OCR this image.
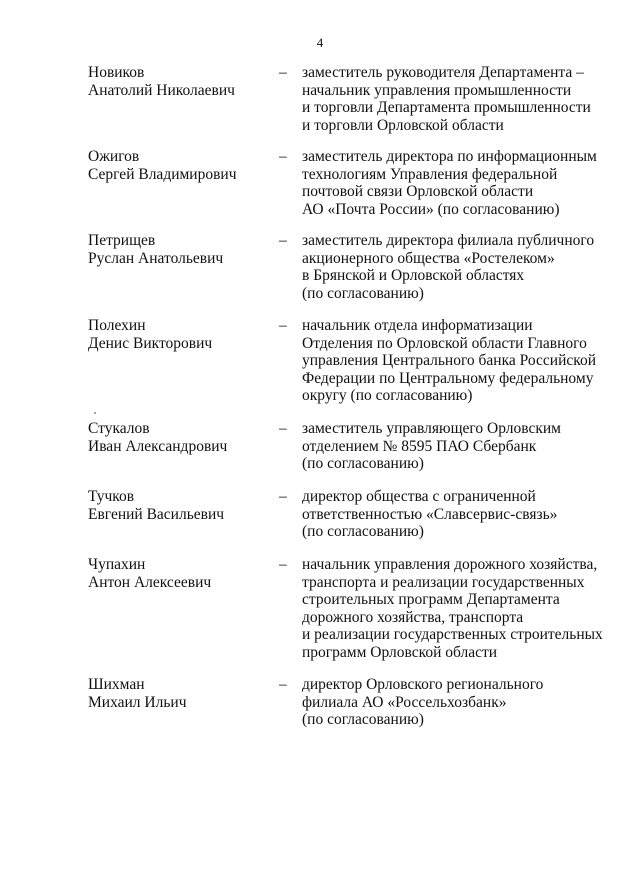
4
Новиков
Анатолий Николаевич
– заместитель руководителя Департамента –
начальник управления промышленности
и торговли Департамента промышленности
и торговли Орловской области
Ожигов
Сергей Владимирович
– заместитель директора по информационным
технологиям Управления федеральной
почтовой связи Орловской области
АО «Почта России» (по согласованию)
Петрищев
Руслан Анатольевич
– заместитель директора филиала публичного
акционерного общества «Ростелеком»
в Брянской и Орловской областях
(по согласованию)
Полехин
Денис Викторович
– начальник отдела информатизации
Отделения по Орловской области Главного
управления Центрального банка Российской
Федерации по Центральному федеральному
округу (по согласованию)
Стукалов
Иван Александрович
– заместитель управляющего Орловским
отделением № 8595 ПАО Сбербанк
(по согласованию)
Тучков
Евгений Васильевич
– директор общества с ограниченной
ответственностью «Славсервис-связь»
(по согласованию)
Чупахин
Антон Алексеевич
– начальник управления дорожного хозяйства,
транспорта и реализации государственных
строительных программ Департамента
дорожного хозяйства, транспорта
и реализации государственных строительных
программ Орловской области
Шихман
Михаил Ильич
– директор Орловского регионального
филиала АО «Россельхозбанк»
(по согласованию)
